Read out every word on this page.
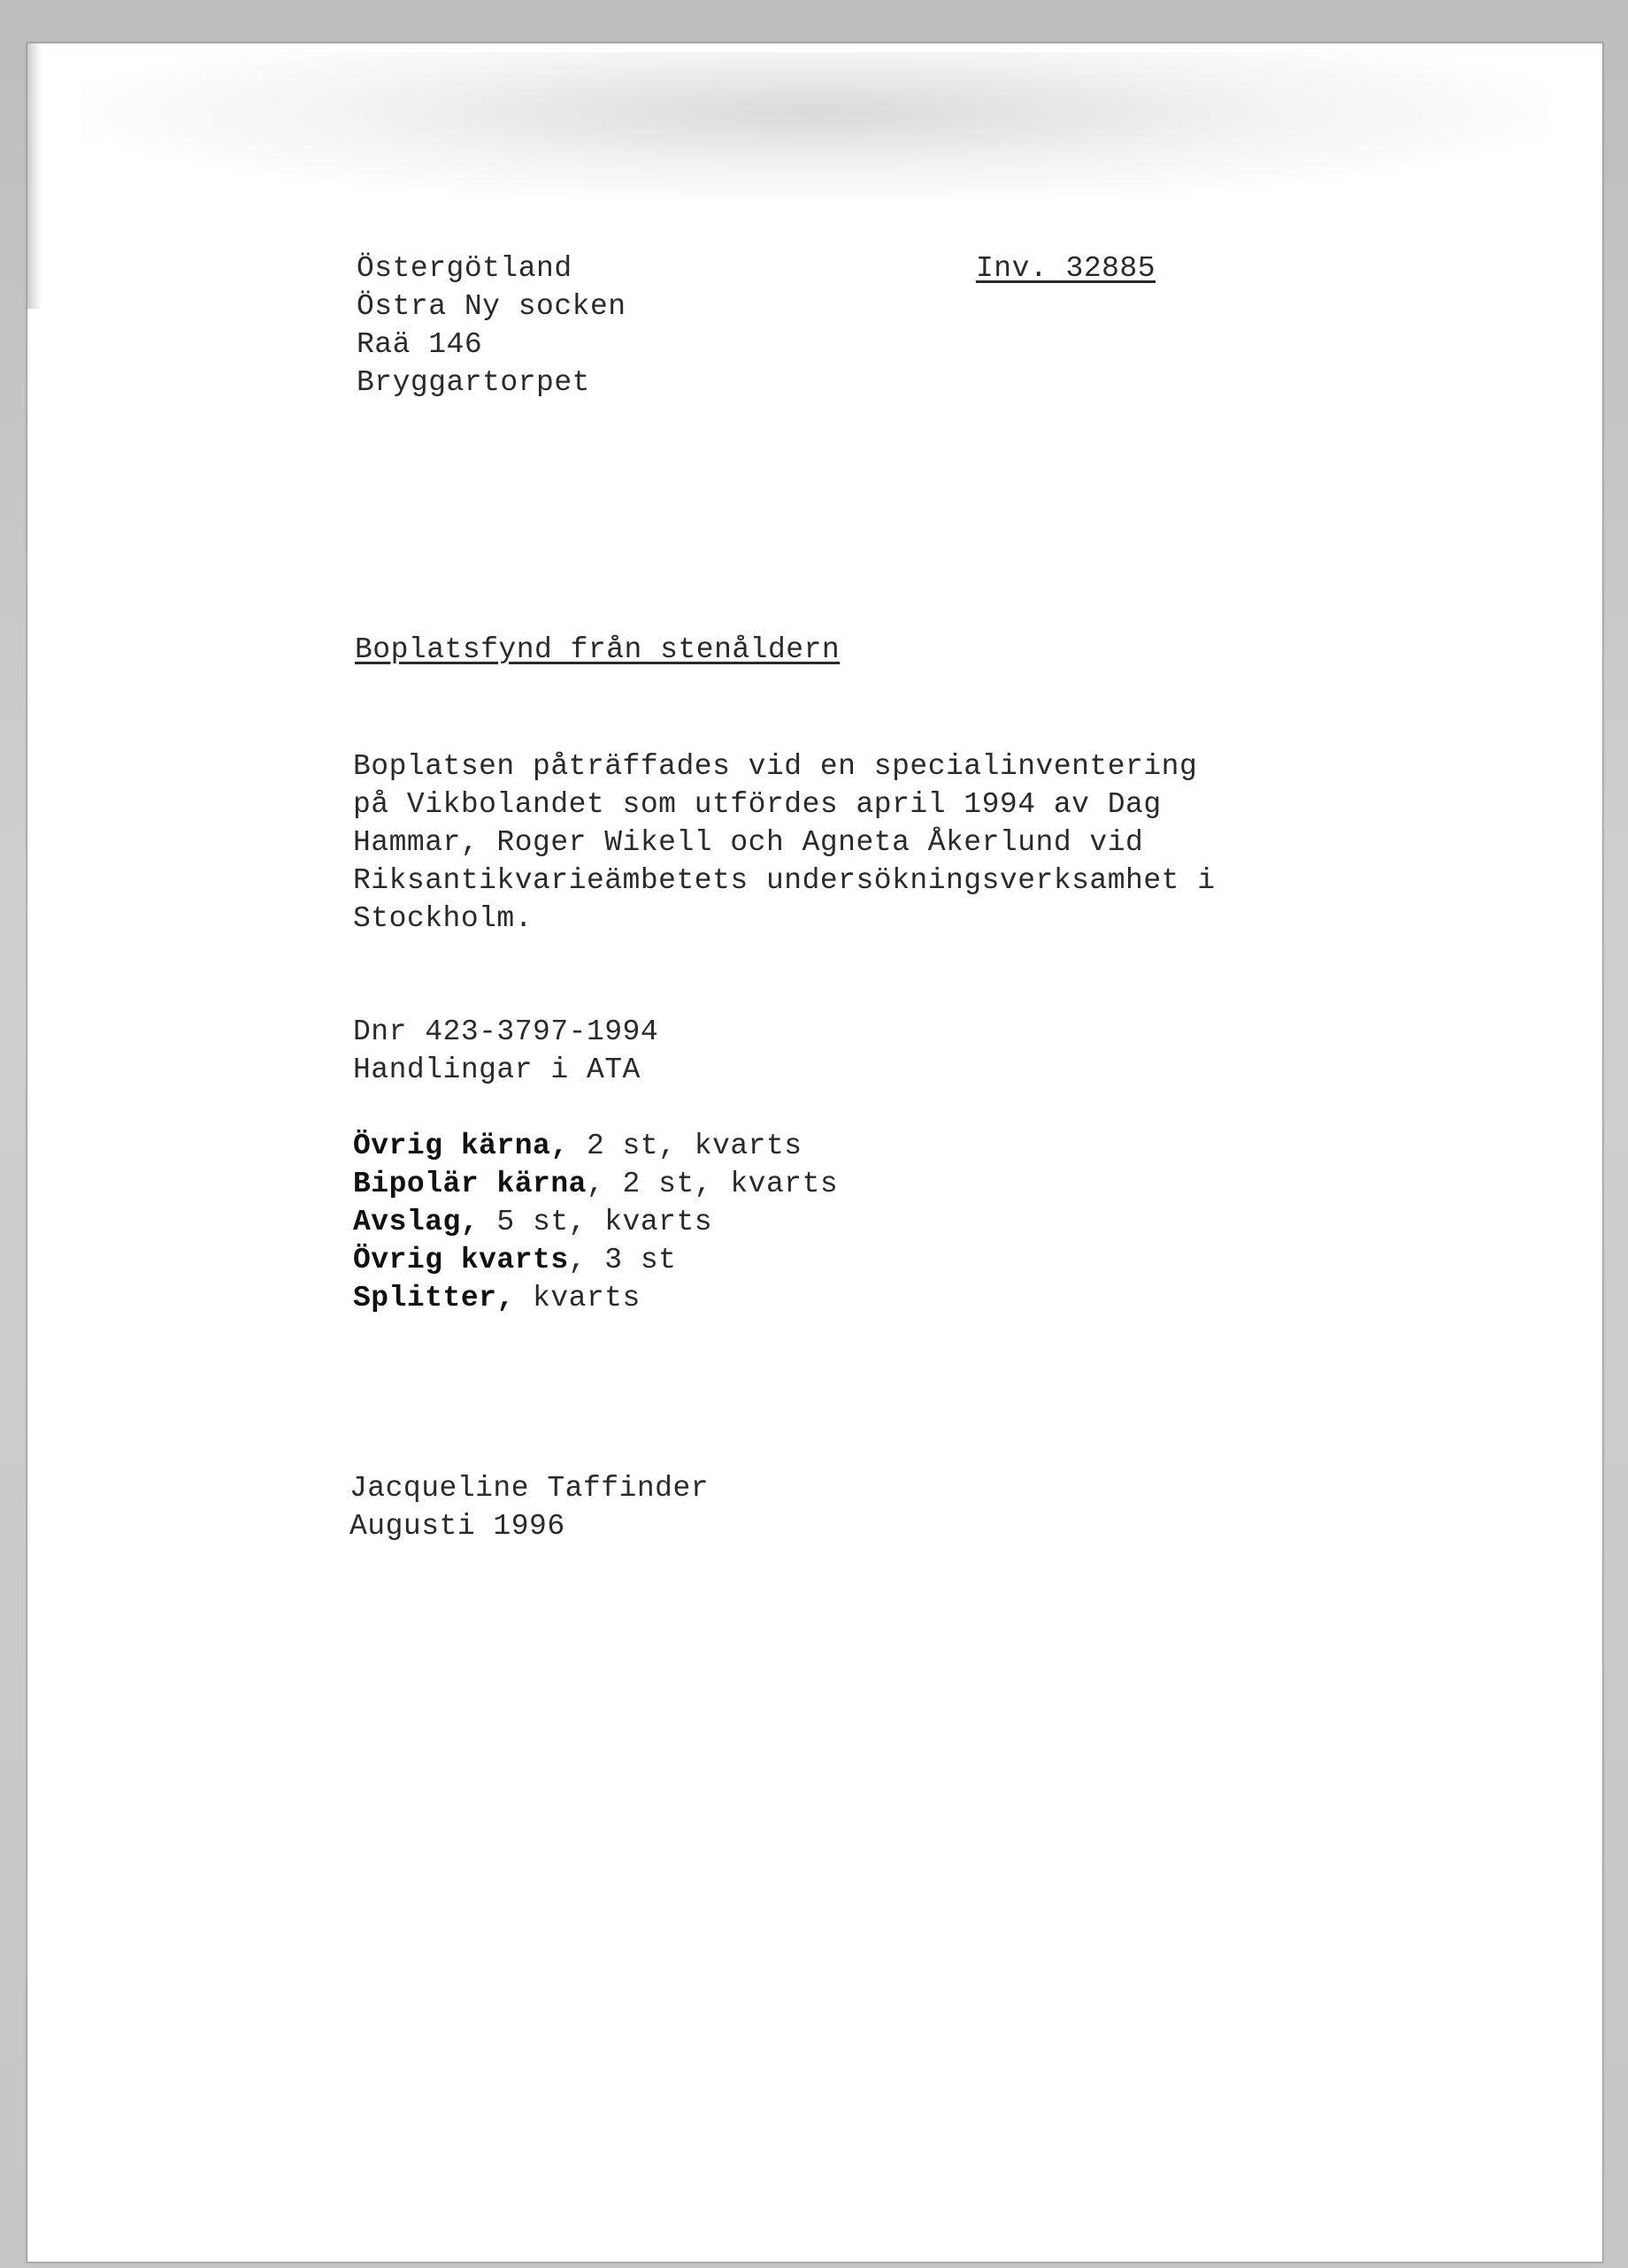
Östergötland
Östra Ny socken
Raä 146
Bryggartorpet
Inv. 32885
Boplatsfynd från stenåldern
Boplatsen påträffades vid en specialinventering
på Vikbolandet som utfördes april 1994 av Dag
Hammar, Roger Wikell och Agneta Åkerlund vid
Riksantikvarieämbetets undersökningsverksamhet i
Stockholm.
Dnr 423-3797-1994
Handlingar i ATA
Övrig kärna, 2 st, kvarts
Bipolär kärna, 2 st, kvarts
Avslag, 5 st, kvarts
Övrig kvarts, 3 st
Splitter, kvarts
Jacqueline Taffinder
Augusti 1996
